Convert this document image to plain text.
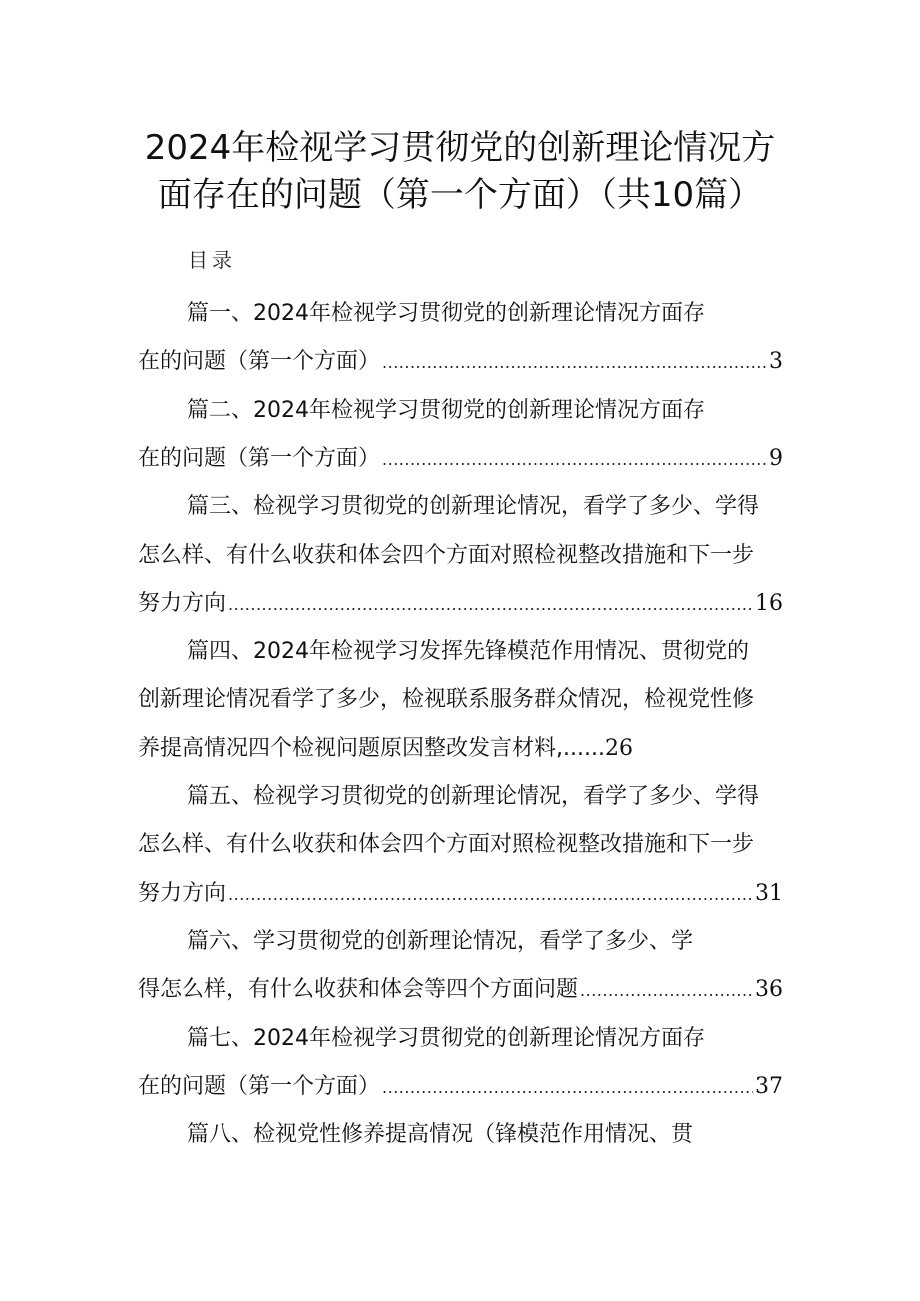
2024年检视学习贯彻党的创新理论情况方
面存在的问题（第一个方面）（共10篇）
目录
篇一、2024年检视学习贯彻党的创新理论情况方面存
在的问题（第一个方面） .....	3
篇二、2024年检视学习贯彻党的创新理论情况方面存
在的问题（第一个方面） .....	9
篇三、检视学习贯彻党的创新理论情况，看学了多少、学得
怎么样、有什么收获和体会四个方面对照检视整改措施和下一步
努力方向 .....	16
篇四、2024年检视学习发挥先锋模范作用情况、贯彻党的
创新理论情况看学了多少，检视联系服务群众情况，检视党性修
养提高情况四个检视问题原因整改发言材料,...... 26
篇五、检视学习贯彻党的创新理论情况，看学了多少、学得
怎么样、有什么收获和体会四个方面对照检视整改措施和下一步
努力方向 .....	31
篇六、学习贯彻党的创新理论情况，看学了多少、学
得怎么样，有什么收获和体会等四个方面问题 .....	36
篇七、2024年检视学习贯彻党的创新理论情况方面存
在的问题（第一个方面） .....	37
篇八、检视党性修养提高情况（锋模范作用情况、贯
